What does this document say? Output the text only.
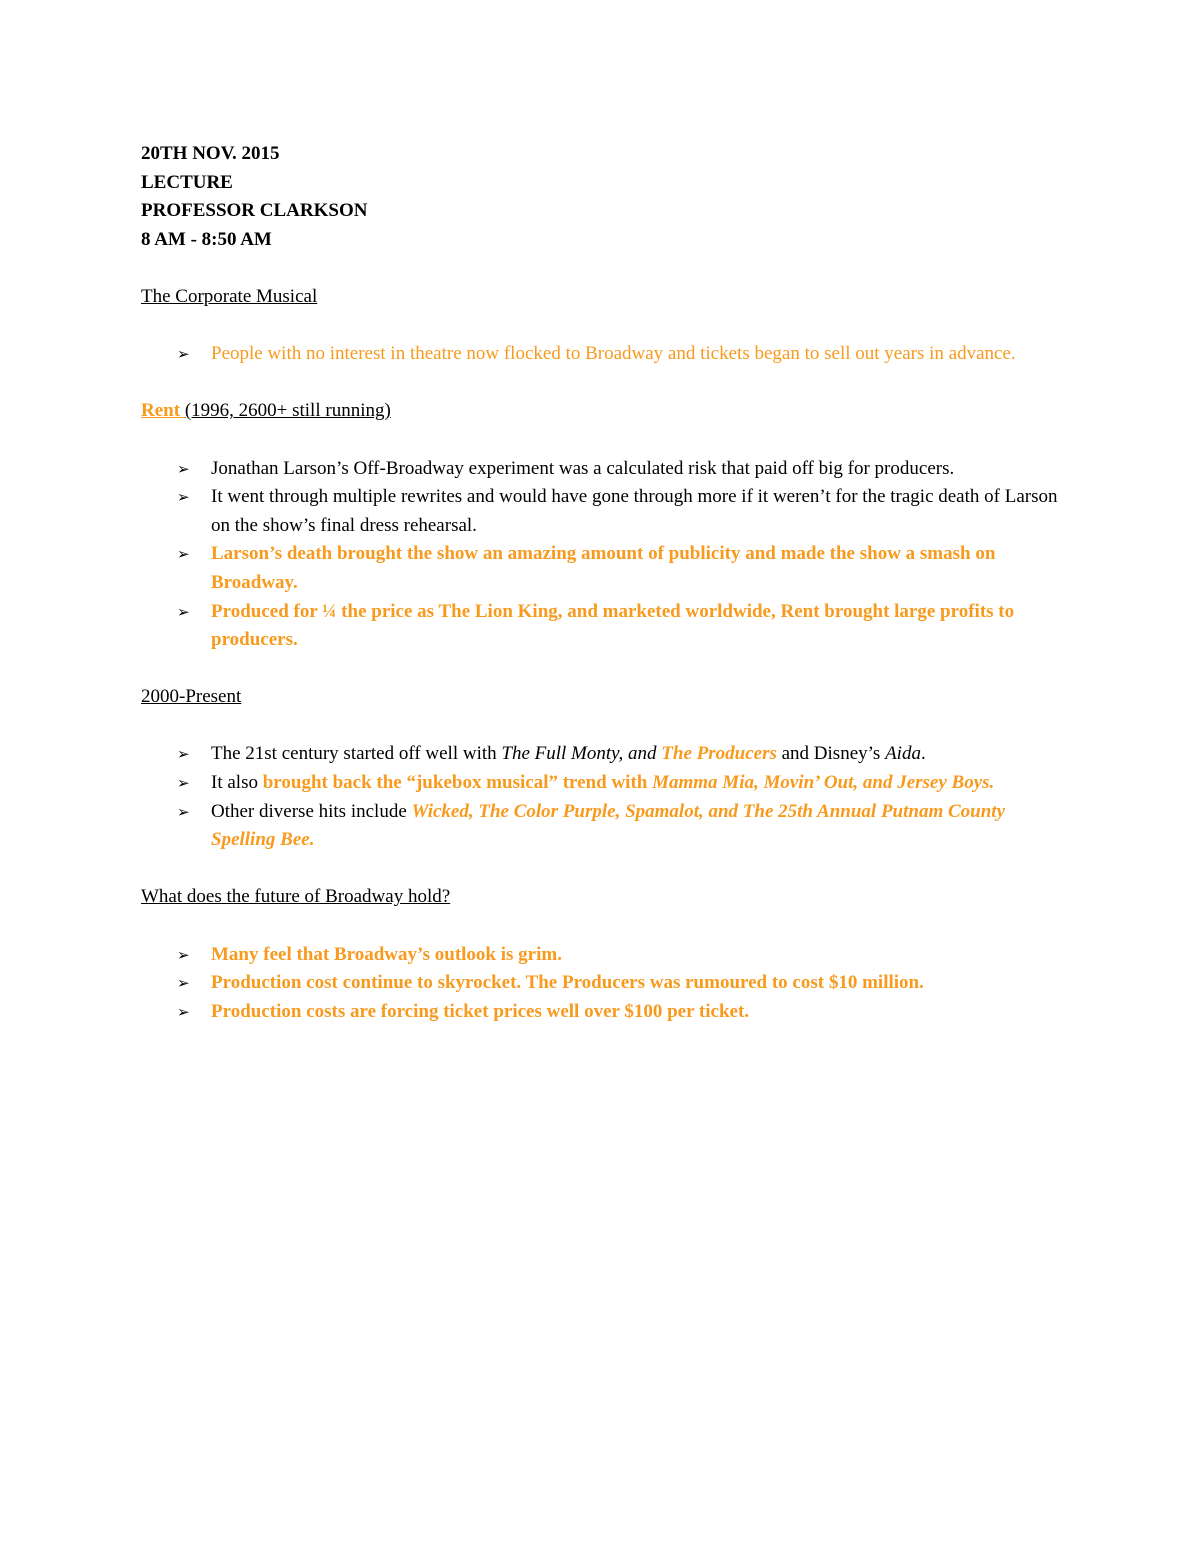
20TH NOV. 2015

LECTURE

PROFESSOR CLARKSON

8 AM - 8:50 AM

The Corporate Musical

➢ People with no interest in theatre now flocked to Broadway and tickets began to sell out years in advance.

Rent (1996, 2600+ still running)

➢ Jonathan Larson’s Off-Broadway experiment was a calculated risk that paid off big for producers.
➢ It went through multiple rewrites and would have gone through more if it weren’t for the tragic death of Larson on the show’s final dress rehearsal.
➢ Larson’s death brought the show an amazing amount of publicity and made the show a smash on Broadway.
➢ Produced for ¼ the price as The Lion King, and marketed worldwide, Rent brought large profits to producers.

2000-Present

➢ The 21st century started off well with The Full Monty, and The Producers and Disney’s Aida.
➢ It also brought back the “jukebox musical” trend with Mamma Mia, Movin’ Out, and Jersey Boys.
➢ Other diverse hits include Wicked, The Color Purple, Spamalot, and The 25th Annual Putnam County Spelling Bee.

What does the future of Broadway hold?

➢ Many feel that Broadway’s outlook is grim.
➢ Production cost continue to skyrocket. The Producers was rumoured to cost $10 million.
➢ Production costs are forcing ticket prices well over $100 per ticket.
